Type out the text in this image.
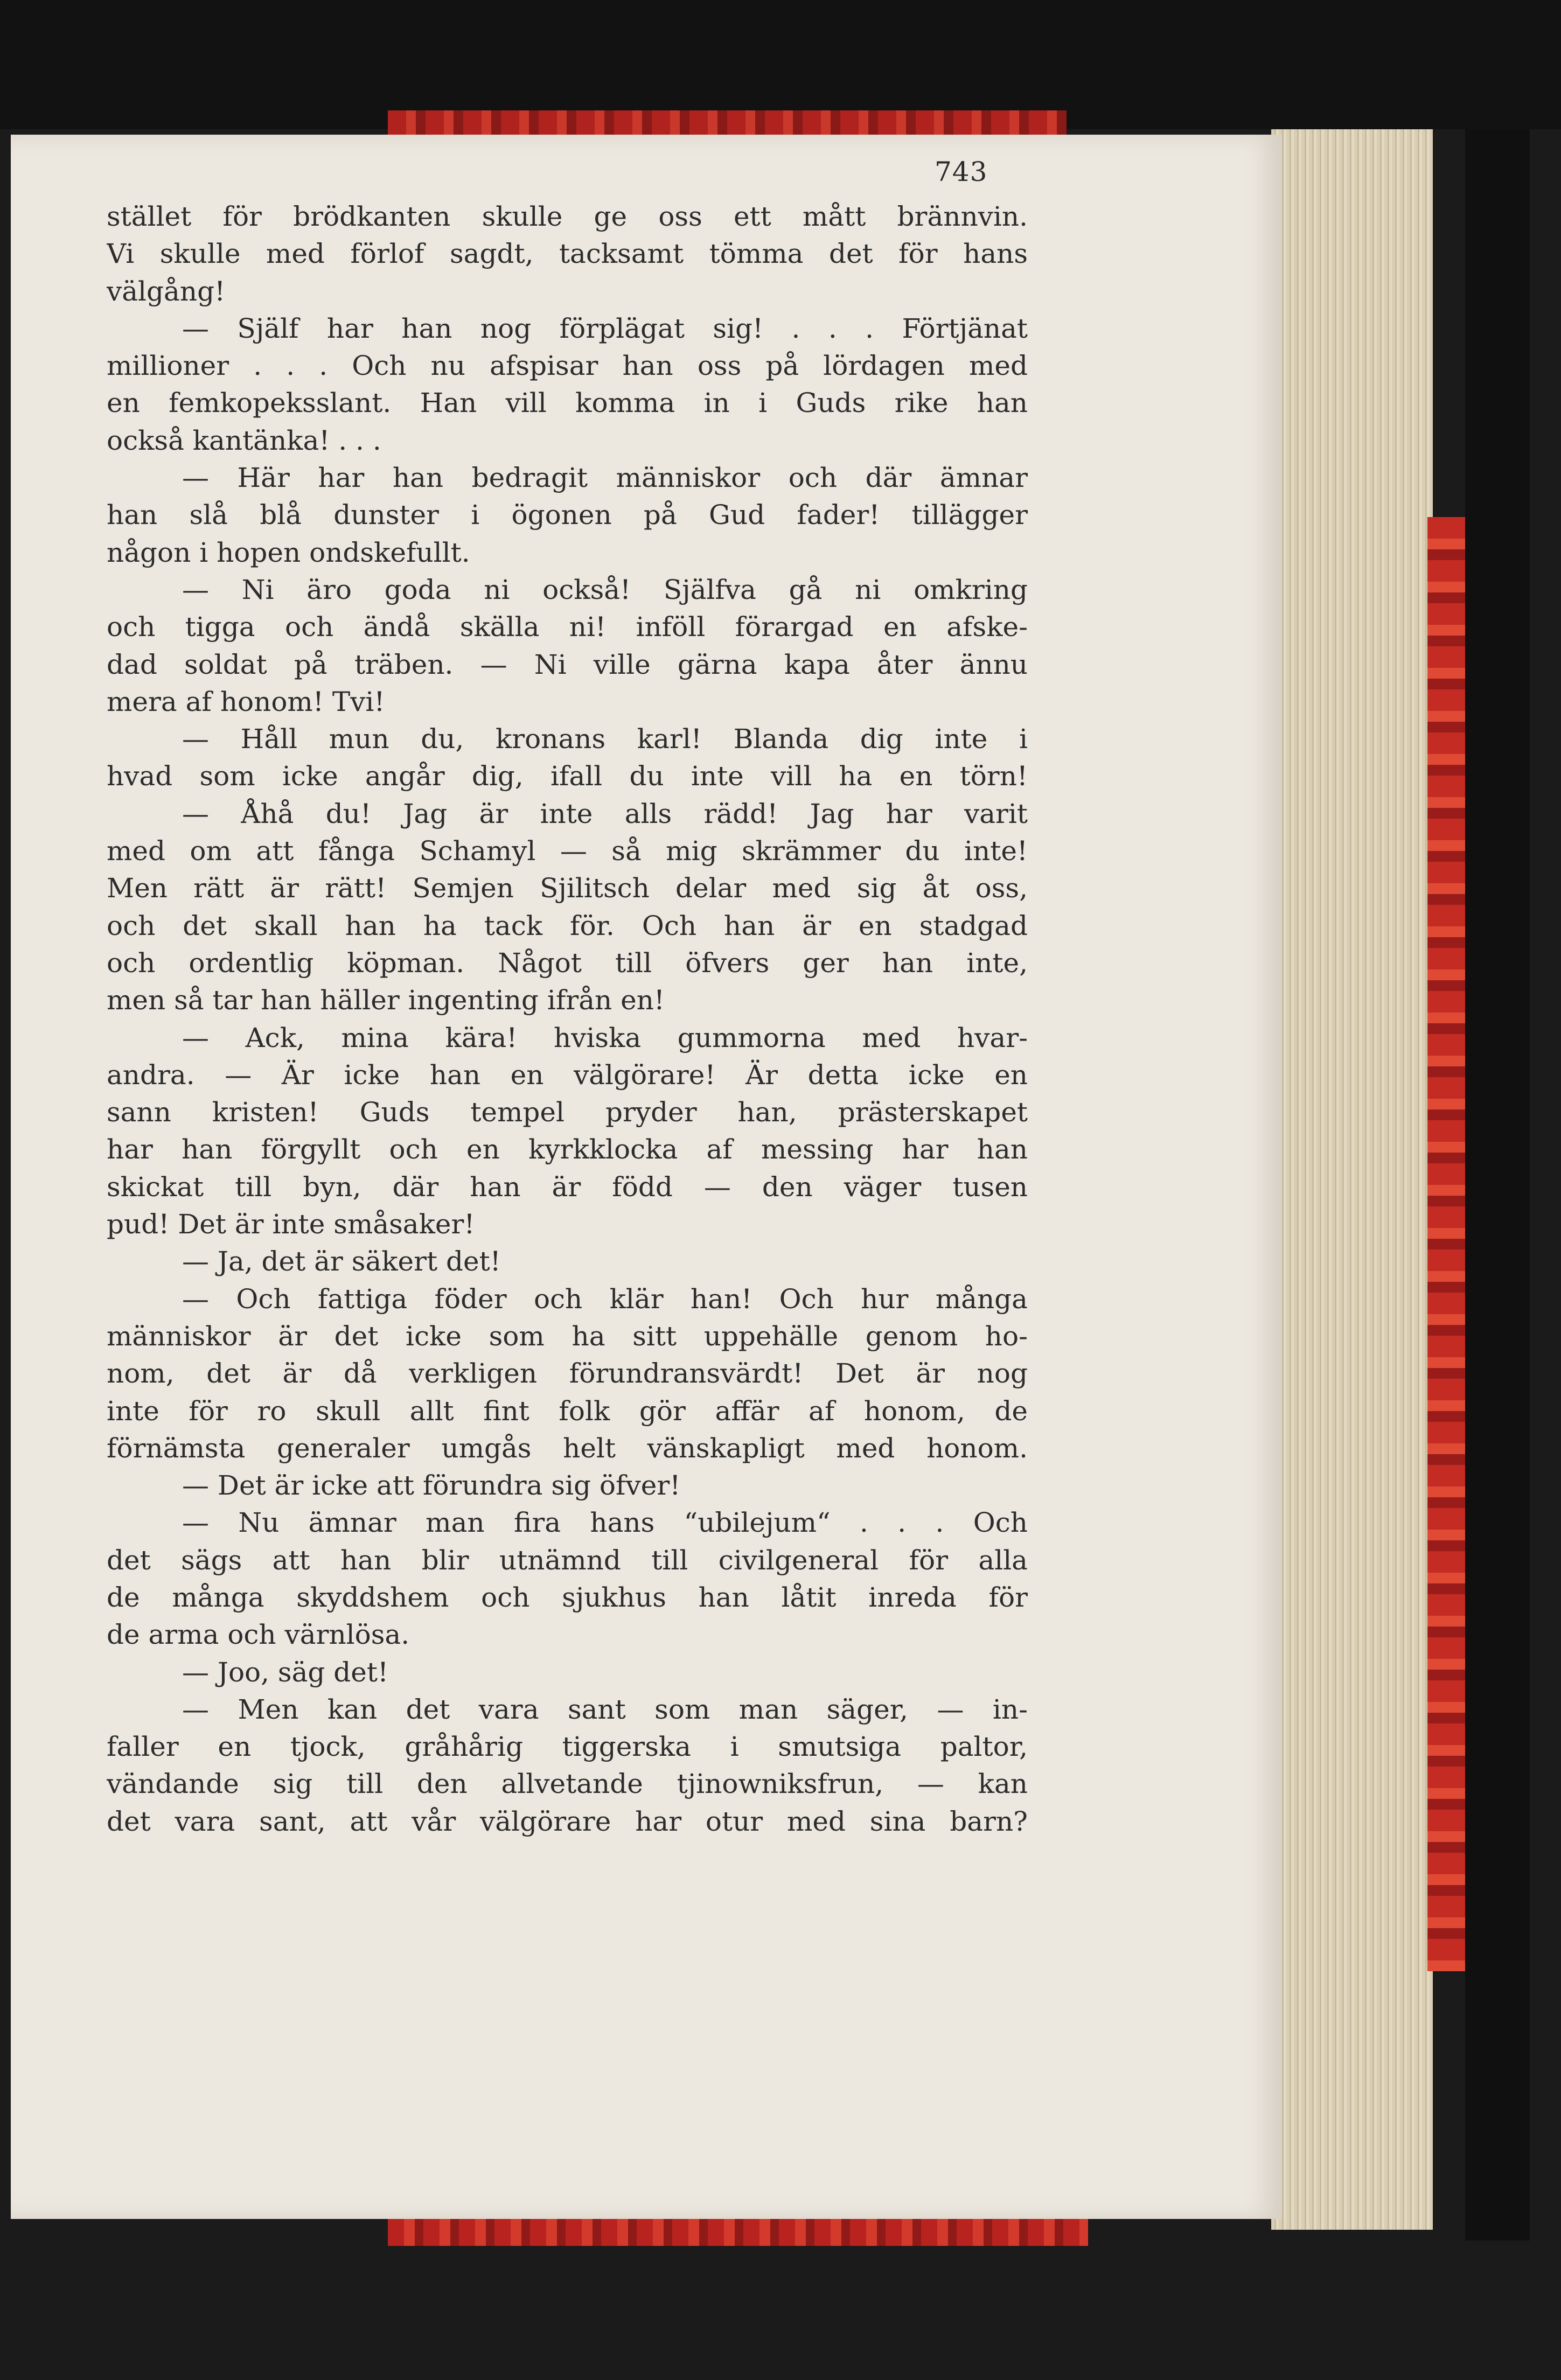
743
stället för brödkanten skulle ge oss ett mått brännvin.
Vi skulle med förlof sagdt, tacksamt tömma det för hans
välgång!
— Själf har han nog förplägat sig! . . . Förtjänat
millioner . . . Och nu afspisar han oss på lördagen med
en femkopeksslant. Han vill komma in i Guds rike han
också kantänka! . . .
— Här har han bedragit människor och där ämnar
han slå blå dunster i ögonen på Gud fader! tillägger
någon i hopen ondskefullt.
— Ni äro goda ni också! Själfva gå ni omkring
och tigga och ändå skälla ni! inföll förargad en afske-
dad soldat på träben. — Ni ville gärna kapa åter ännu
mera af honom! Tvi!
— Håll mun du, kronans karl! Blanda dig inte i
hvad som icke angår dig, ifall du inte vill ha en törn!
— Åhå du! Jag är inte alls rädd! Jag har varit
med om att fånga Schamyl — så mig skrämmer du inte!
Men rätt är rätt! Semjen Sjilitsch delar med sig åt oss,
och det skall han ha tack för. Och han är en stadgad
och ordentlig köpman. Något till öfvers ger han inte,
men så tar han häller ingenting ifrån en!
— Ack, mina kära! hviska gummorna med hvar-
andra. — Är icke han en välgörare! Är detta icke en
sann kristen! Guds tempel pryder han, prästerskapet
har han förgyllt och en kyrkklocka af messing har han
skickat till byn, där han är född — den väger tusen
pud! Det är inte småsaker!
— Ja, det är säkert det!
— Och fattiga föder och klär han! Och hur många
människor är det icke som ha sitt uppehälle genom ho-
nom, det är då verkligen förundransvärdt! Det är nog
inte för ro skull allt fint folk gör affär af honom, de
förnämsta generaler umgås helt vänskapligt med honom.
— Det är icke att förundra sig öfver!
— Nu ämnar man fira hans “ubilejum“ . . . Och
det sägs att han blir utnämnd till civilgeneral för alla
de många skyddshem och sjukhus han låtit inreda för
de arma och värnlösa.
— Joo, säg det!
— Men kan det vara sant som man säger, — in-
faller en tjock, gråhårig tiggerska i smutsiga paltor,
vändande sig till den allvetande tjinowniksfrun, — kan
det vara sant, att vår välgörare har otur med sina barn?
